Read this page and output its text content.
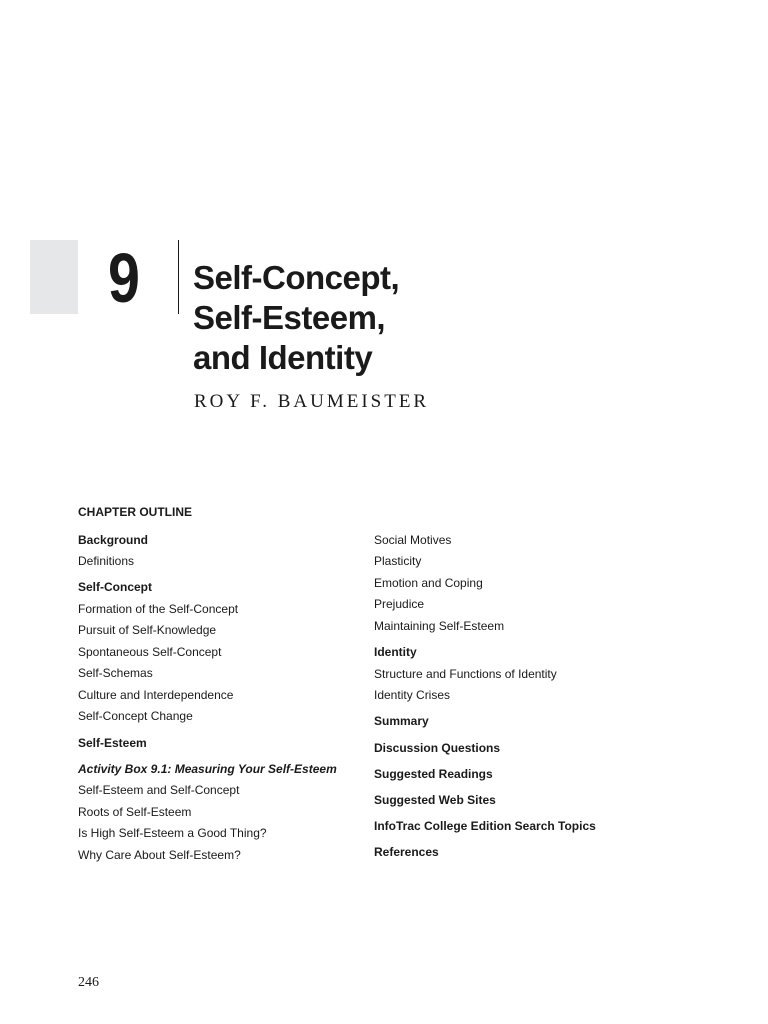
9 Self-Concept,
Self-Esteem,
and Identity
ROY F. BAUMEISTER
CHAPTER OUTLINE
Background
Definitions
Self-Concept
Formation of the Self-Concept
Pursuit of Self-Knowledge
Spontaneous Self-Concept
Self-Schemas
Culture and Interdependence
Self-Concept Change
Self-Esteem
Activity Box 9.1: Measuring Your Self-Esteem
Self-Esteem and Self-Concept
Roots of Self-Esteem
Is High Self-Esteem a Good Thing?
Why Care About Self-Esteem?
Social Motives
Plasticity
Emotion and Coping
Prejudice
Maintaining Self-Esteem
Identity
Structure and Functions of Identity
Identity Crises
Summary
Discussion Questions
Suggested Readings
Suggested Web Sites
InfoTrac College Edition Search Topics
References
246
